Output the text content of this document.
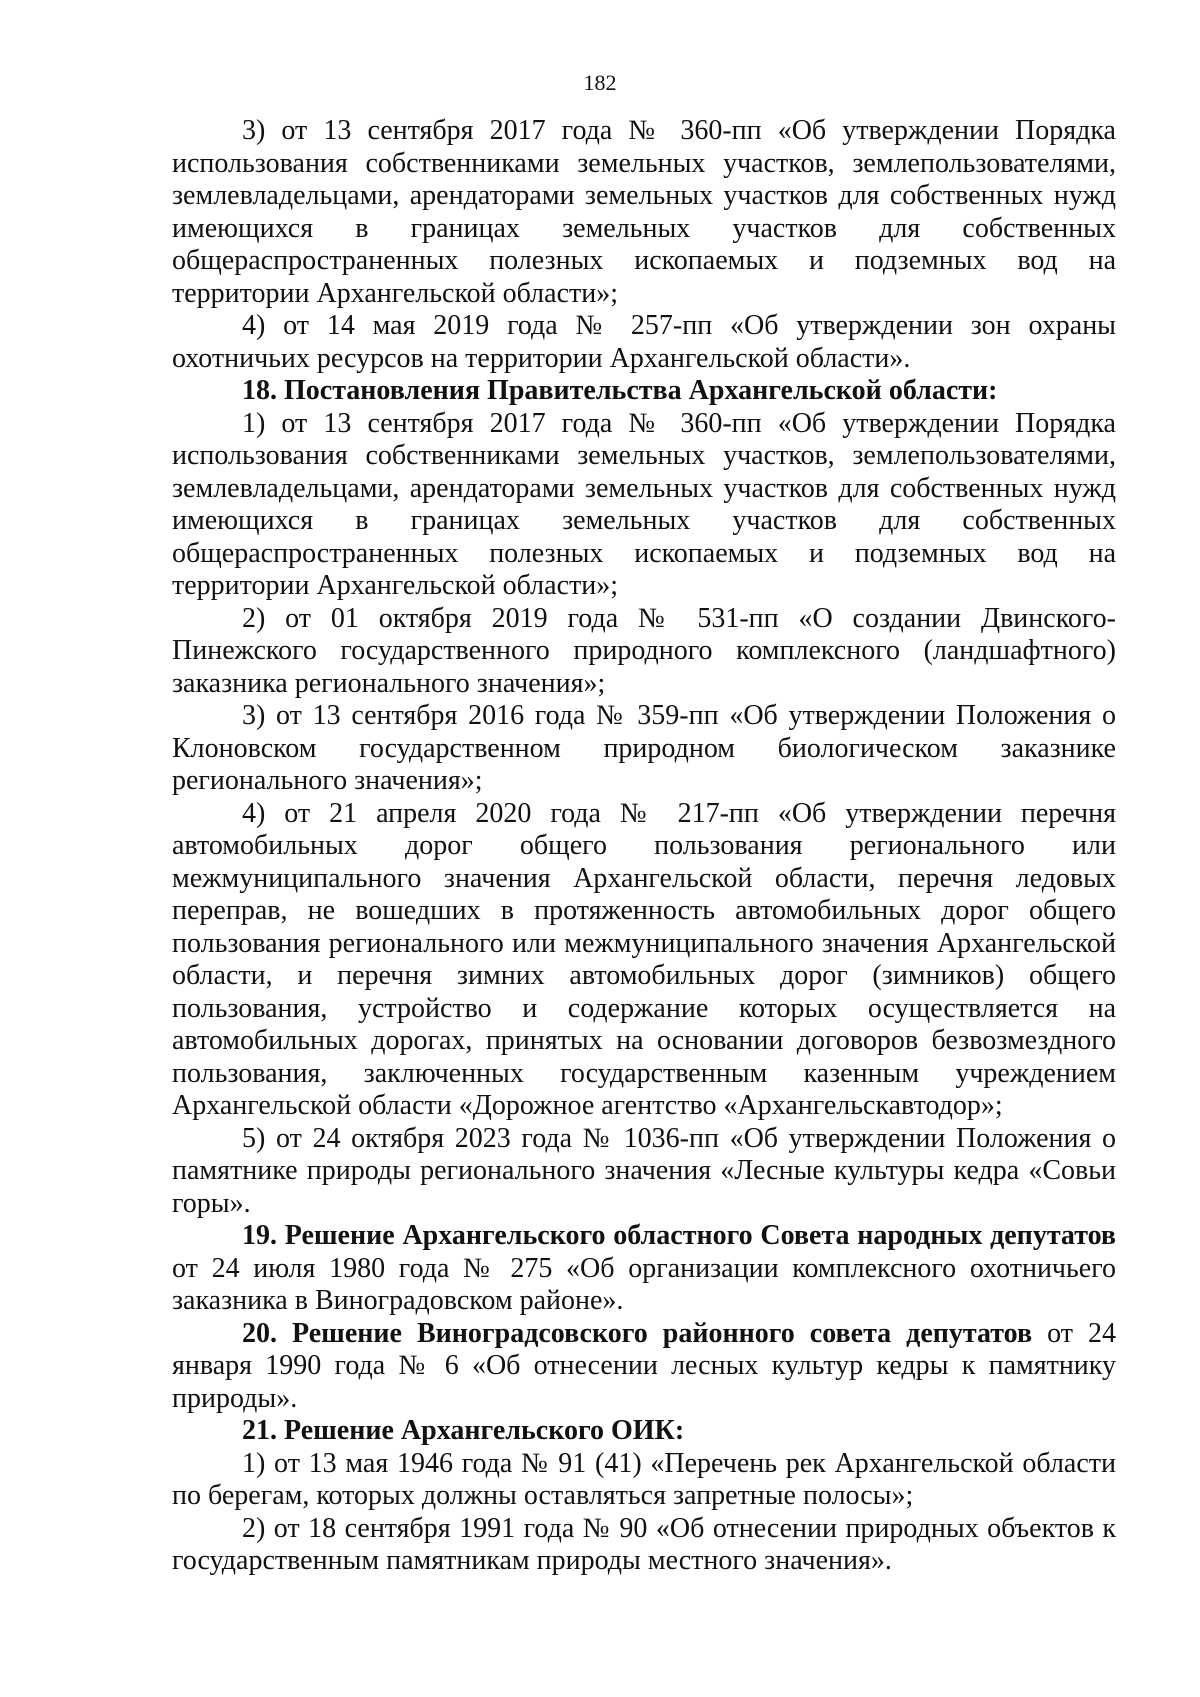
182

3) от 13 сентября 2017 года № 360-пп «Об утверждении Порядка использования собственниками земельных участков, землепользователями, землевладельцами, арендаторами земельных участков для собственных нужд имеющихся в границах земельных участков для собственных общераспространенных полезных ископаемых и подземных вод на территории Архангельской области»;

4) от 14 мая 2019 года № 257-пп «Об утверждении зон охраны охотничьих ресурсов на территории Архангельской области».

18. Постановления Правительства Архангельской области:

1) от 13 сентября 2017 года № 360-пп «Об утверждении Порядка использования собственниками земельных участков, землепользователями, землевладельцами, арендаторами земельных участков для собственных нужд имеющихся в границах земельных участков для собственных общераспространенных полезных ископаемых и подземных вод на территории Архангельской области»;

2) от 01 октября 2019 года № 531-пп «О создании Двинского-Пинежского государственного природного комплексного (ландшафтного) заказника регионального значения»;

3) от 13 сентября 2016 года № 359-пп «Об утверждении Положения о Клоновском государственном природном биологическом заказнике регионального значения»;

4) от 21 апреля 2020 года № 217-пп «Об утверждении перечня автомобильных дорог общего пользования регионального или межмуниципального значения Архангельской области, перечня ледовых переправ, не вошедших в протяженность автомобильных дорог общего пользования регионального или межмуниципального значения Архангельской области, и перечня зимних автомобильных дорог (зимников) общего пользования, устройство и содержание которых осуществляется на автомобильных дорогах, принятых на основании договоров безвозмездного пользования, заключенных государственным казенным учреждением Архангельской области «Дорожное агентство «Архангельскавтодор»;

5) от 24 октября 2023 года № 1036-пп «Об утверждении Положения о памятнике природы регионального значения «Лесные культуры кедра «Совьи горы».

19. Решение Архангельского областного Совета народных депутатов от 24 июля 1980 года № 275 «Об организации комплексного охотничьего заказника в Виноградовском районе».

20. Решение Виноградсовского районного совета депутатов от 24 января 1990 года № 6 «Об отнесении лесных культур кедры к памятнику природы».

21. Решение Архангельского ОИК:

1) от 13 мая 1946 года № 91 (41) «Перечень рек Архангельской области по берегам, которых должны оставляться запретные полосы»;

2) от 18 сентября 1991 года № 90 «Об отнесении природных объектов к государственным памятникам природы местного значения».
